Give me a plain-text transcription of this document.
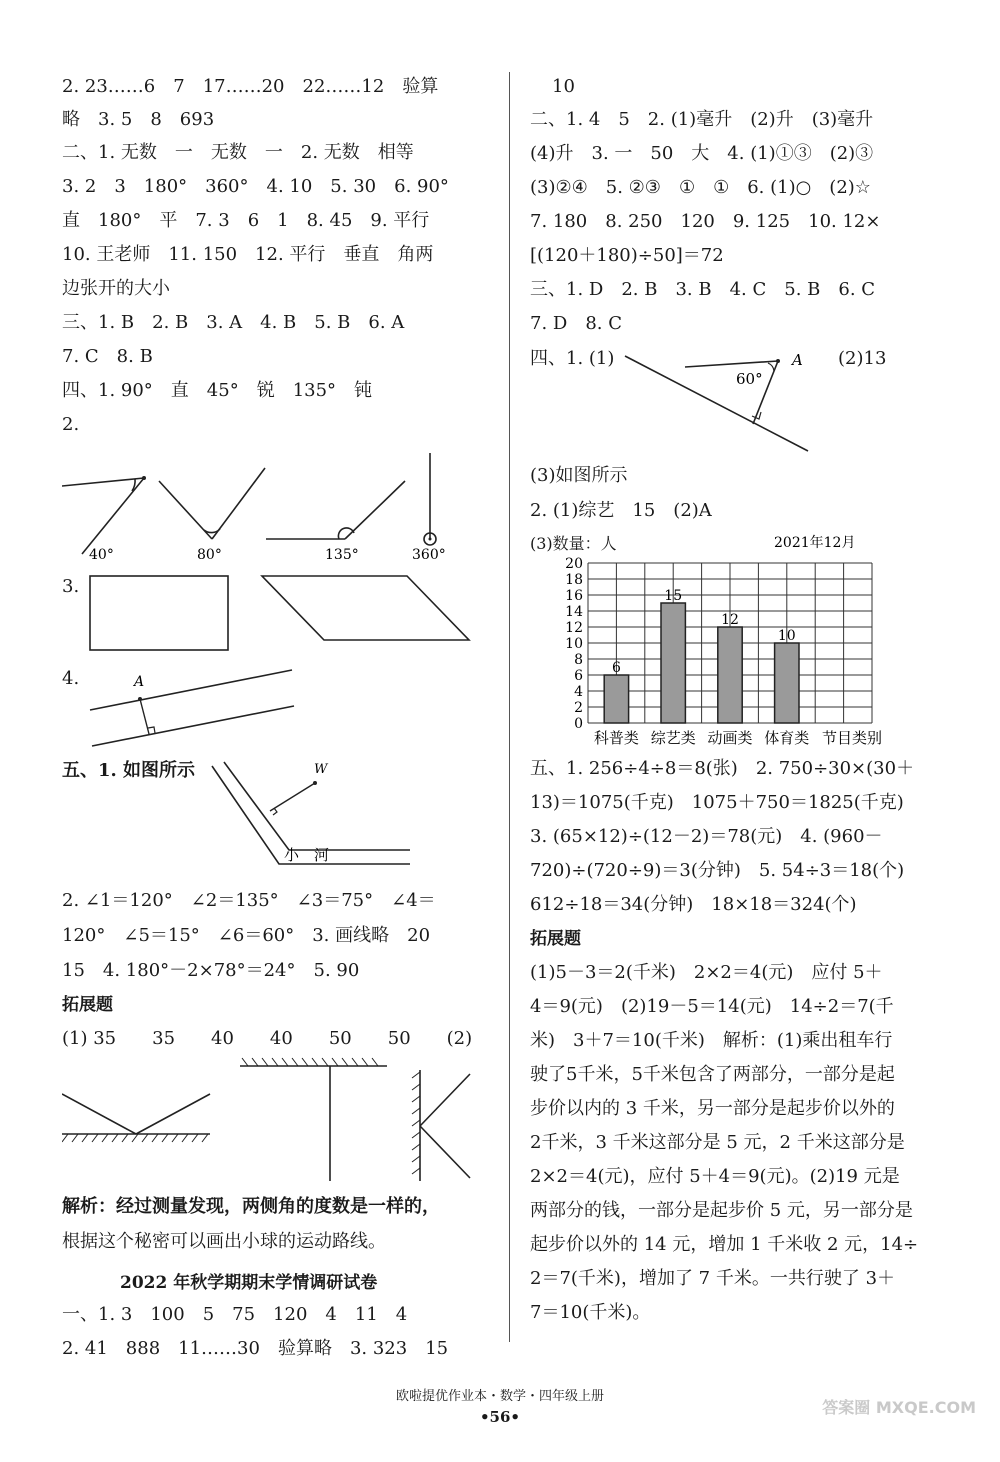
2. 23……6　7　17……20　22……12　验算
略　3. 5　8　693
二、1. 无数　一　无数　一　2. 无数　相等
3. 2　3　180°　360°　4. 10　5. 30　6. 90°
直　180°　平　7. 3　6　1　8. 45　9. 平行
10. 王老师　11. 150　12. 平行　垂直　角两
边张开的大小
三、1. B　2. B　3. A　4. B　5. B　6. A
7. C　8. B
四、1. 90°　直　45°　锐　135°　钝
2.
40°	80°	135°	360°
3.
4.	A
五、1. 如图所示	W
小　河
2. ∠1＝120°　∠2＝135°　∠3＝75°　∠4＝
120°　∠5＝15°　∠6＝60°　3. 画线略　20
15　4. 180°－2×78°＝24°　5. 90
拓展题
(1) 35　　35　　40　　40　　50　　50　　(2)
解析：经过测量发现，两侧角的度数是一样的，
根据这个秘密可以画出小球的运动路线。
2022 年秋学期期末学情调研试卷
一、1. 3　100　5　75　120　4　11　4
2. 41　888　11……30　验算略　3. 323　15
10
二、1. 4　5　2. (1)毫升　(2)升　(3)毫升
(4)升　3. 一　50　大　4. (1)①③　(2)③
(3)②④　5. ②③　①　①　6. (1)○　(2)☆
7. 180　8. 250　120　9. 125　10. 12×
[(120＋180)÷50]＝72
三、1. D　2. B　3. B　4. C　5. B　6. C
7. D　8. C
四、1. (1)	(2)13
60°
A
(3)如图所示
2. (1)综艺　15　(2)A
(3)数量：人	2021年12月
6
15
12
10
0
2
4
6
8
10
12
14
16
18
20
科普类 综艺类 动画类 体育类 节目类别
五、1. 256÷4÷8＝8(张)　2. 750÷30×(30＋
13)＝1075(千克)　1075＋750＝1825(千克)
3. (65×12)÷(12－2)＝78(元)　4. (960－
720)÷(720÷9)＝3(分钟)　5. 54÷3＝18(个)
612÷18＝34(分钟)　18×18＝324(个)
拓展题
(1)5－3＝2(千米)　2×2＝4(元)　应付 5＋
4＝9(元)　(2)19－5＝14(元)　14÷2＝7(千
米)　3＋7＝10(千米)　解析：(1)乘出租车行
驶了5千米，5千米包含了两部分，一部分是起
步价以内的 3 千米，另一部分是起步价以外的
2千米，3 千米这部分是 5 元，2 千米这部分是
2×2＝4(元)，应付 5＋4＝9(元)。(2)19 元是
两部分的钱，一部分是起步价 5 元，另一部分是
起步价以外的 14 元，增加 1 千米收 2 元，14÷
2＝7(千米)，增加了 7 千米。一共行驶了 3＋
7＝10(千米)。
欧啦提优作业本・数学・四年级上册
•56•	答案圈 MXQE.COM
